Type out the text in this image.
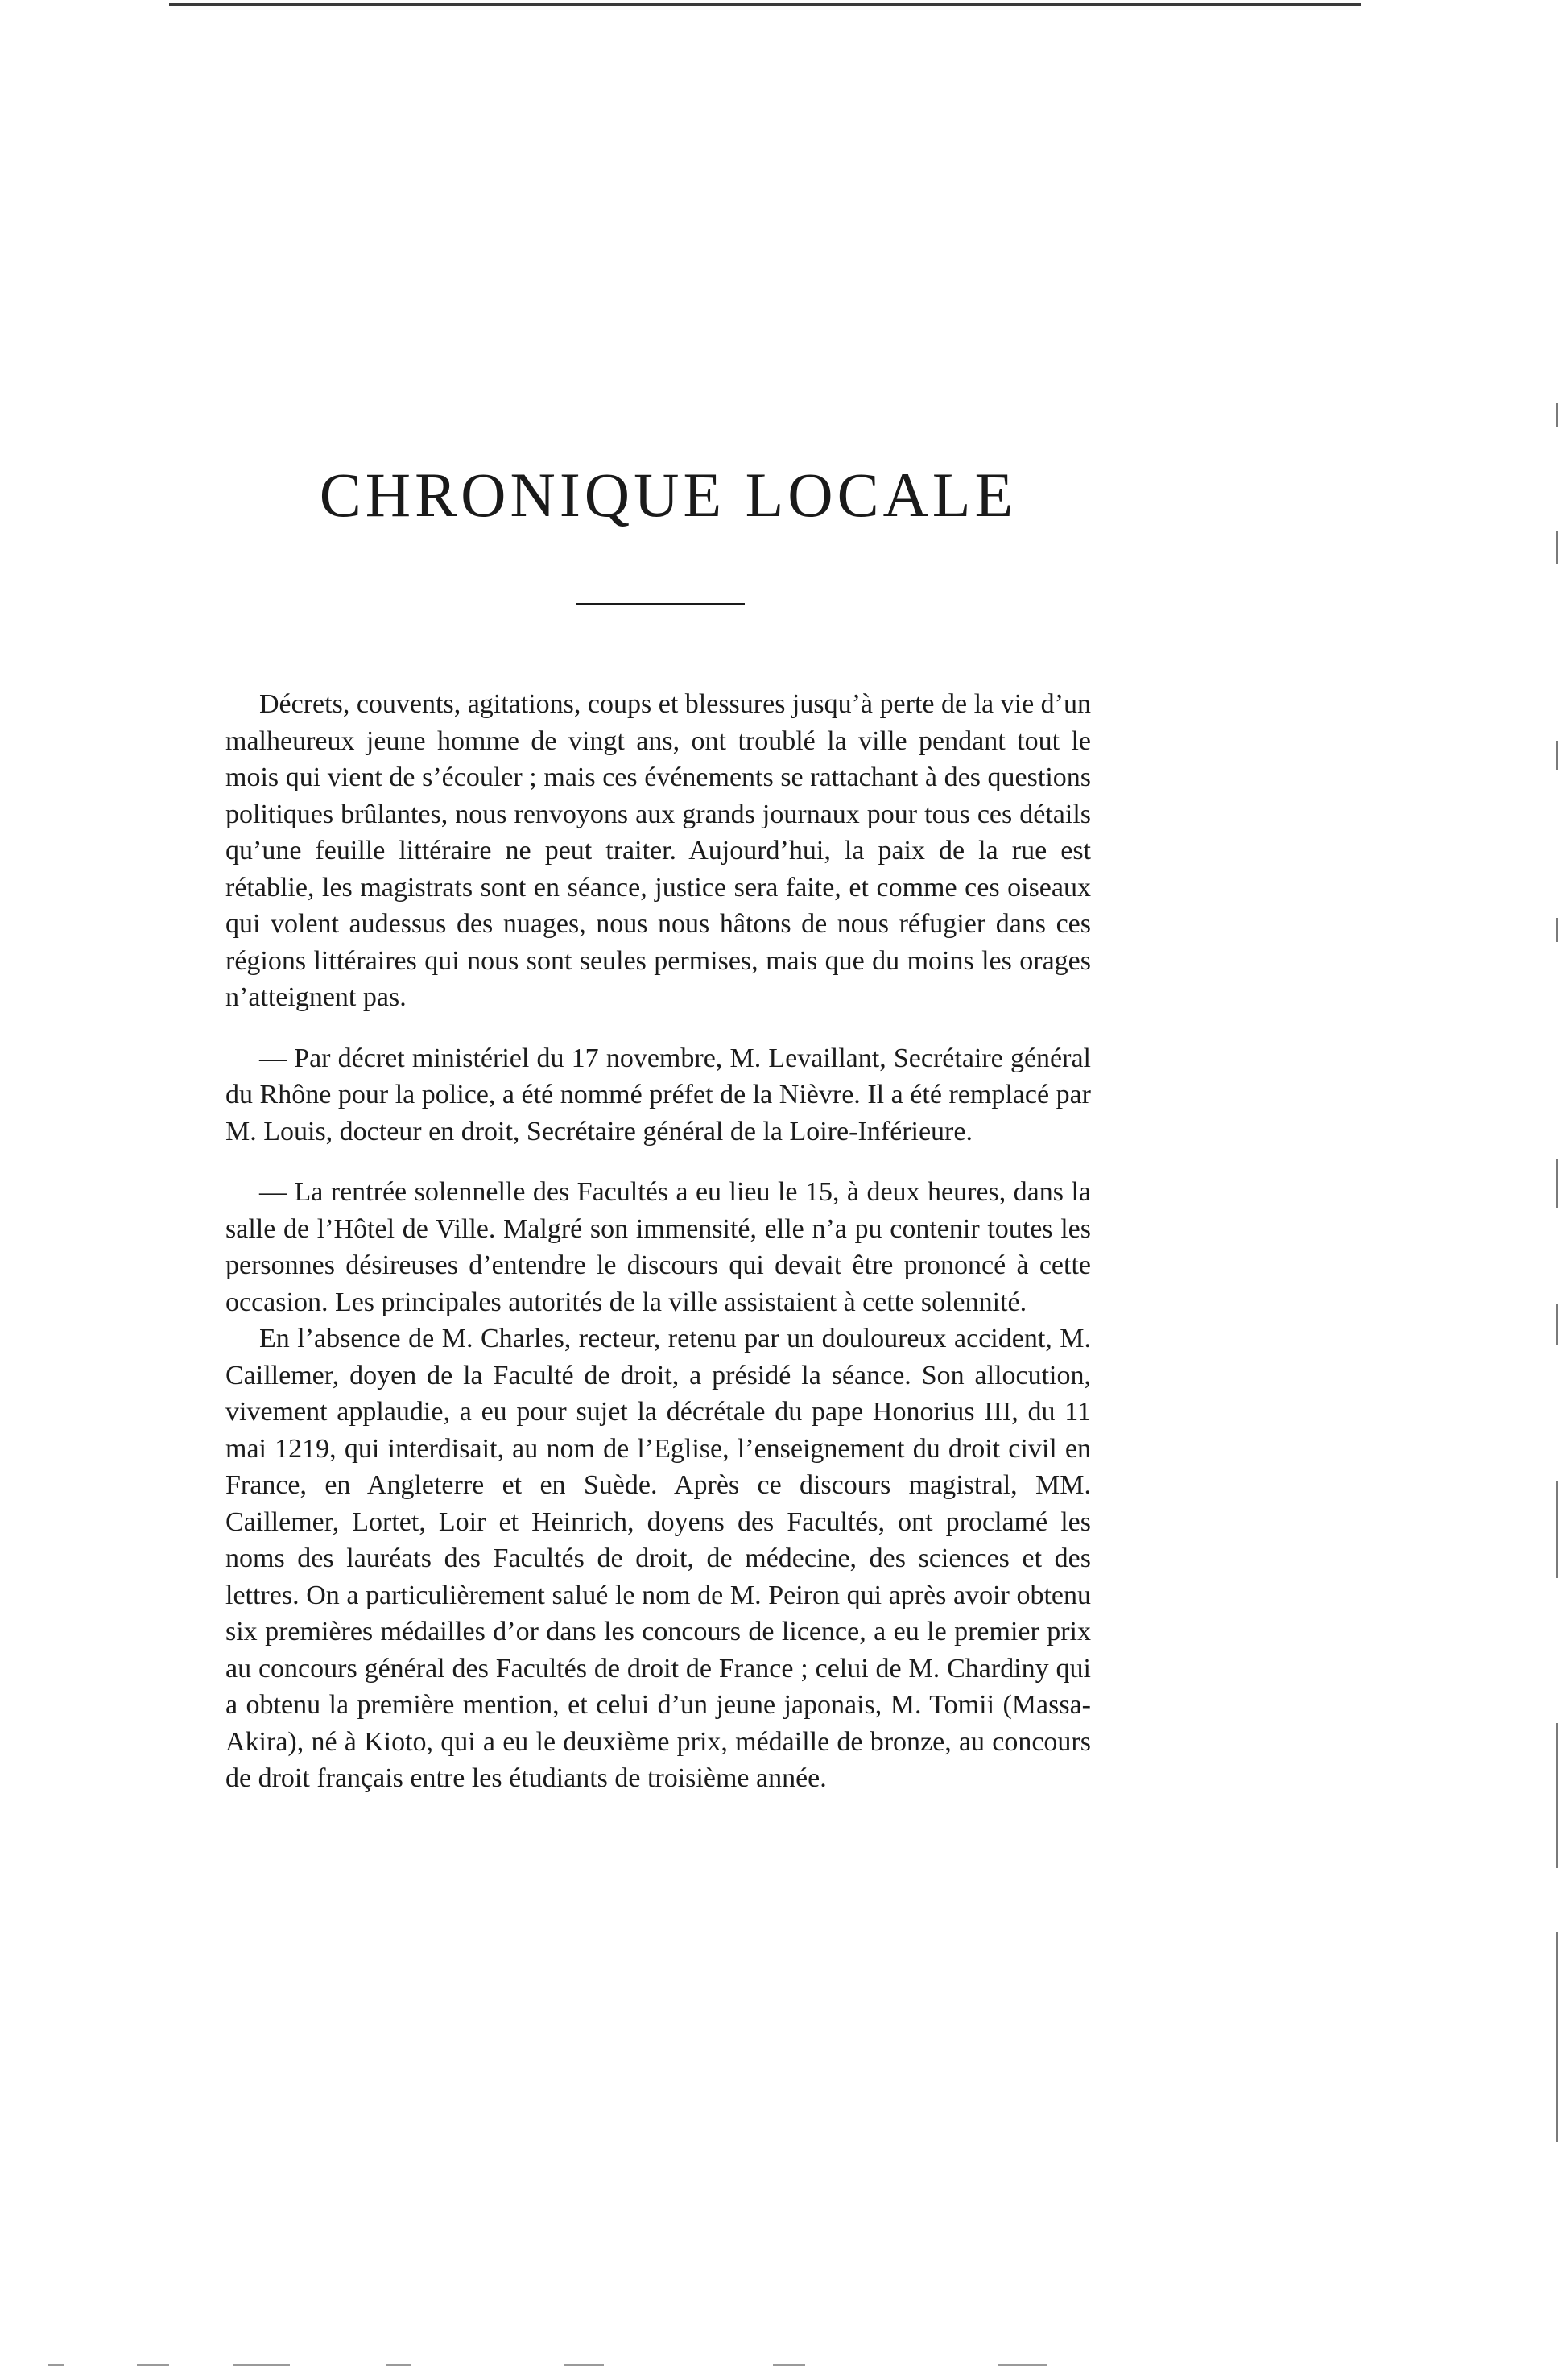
CHRONIQUE LOCALE

Décrets, couvents, agitations, coups et blessures jusqu’à perte de la vie d’un malheureux jeune homme de vingt ans, ont troublé la ville pendant tout le mois qui vient de s’écouler ; mais ces événements se rattachant à des questions politiques brûlantes, nous renvoyons aux grands journaux pour tous ces détails qu’une feuille littéraire ne peut traiter. Aujourd’hui, la paix de la rue est rétablie, les magistrats sont en séance, justice sera faite, et comme ces oiseaux qui volent audessus des nuages, nous nous hâtons de nous réfugier dans ces régions littéraires qui nous sont seules permises, mais que du moins les orages n’atteignent pas.

— Par décret ministériel du 17 novembre, M. Levaillant, Secrétaire général du Rhône pour la police, a été nommé préfet de la Nièvre. Il a été remplacé par M. Louis, docteur en droit, Secrétaire général de la Loire-Inférieure.

— La rentrée solennelle des Facultés a eu lieu le 15, à deux heures, dans la salle de l’Hôtel de Ville. Malgré son immensité, elle n’a pu contenir toutes les personnes désireuses d’entendre le discours qui devait être prononcé à cette occasion. Les principales autorités de la ville assistaient à cette solennité.

En l’absence de M. Charles, recteur, retenu par un douloureux accident, M. Caillemer, doyen de la Faculté de droit, a présidé la séance. Son allocution, vivement applaudie, a eu pour sujet la décrétale du pape Honorius III, du 11 mai 1219, qui interdisait, au nom de l’Eglise, l’enseignement du droit civil en France, en Angleterre et en Suède. Après ce discours magistral, MM. Caillemer, Lortet, Loir et Heinrich, doyens des Facultés, ont proclamé les noms des lauréats des Facultés de droit, de médecine, des sciences et des lettres. On a particulièrement salué le nom de M. Peiron qui après avoir obtenu six premières médailles d’or dans les concours de licence, a eu le premier prix au concours général des Facultés de droit de France ; celui de M. Chardiny qui a obtenu la première mention, et celui d’un jeune japonais, M. Tomii (Massa-Akira), né à Kioto, qui a eu le deuxième prix, médaille de bronze, au concours de droit français entre les étudiants de troisième année.
